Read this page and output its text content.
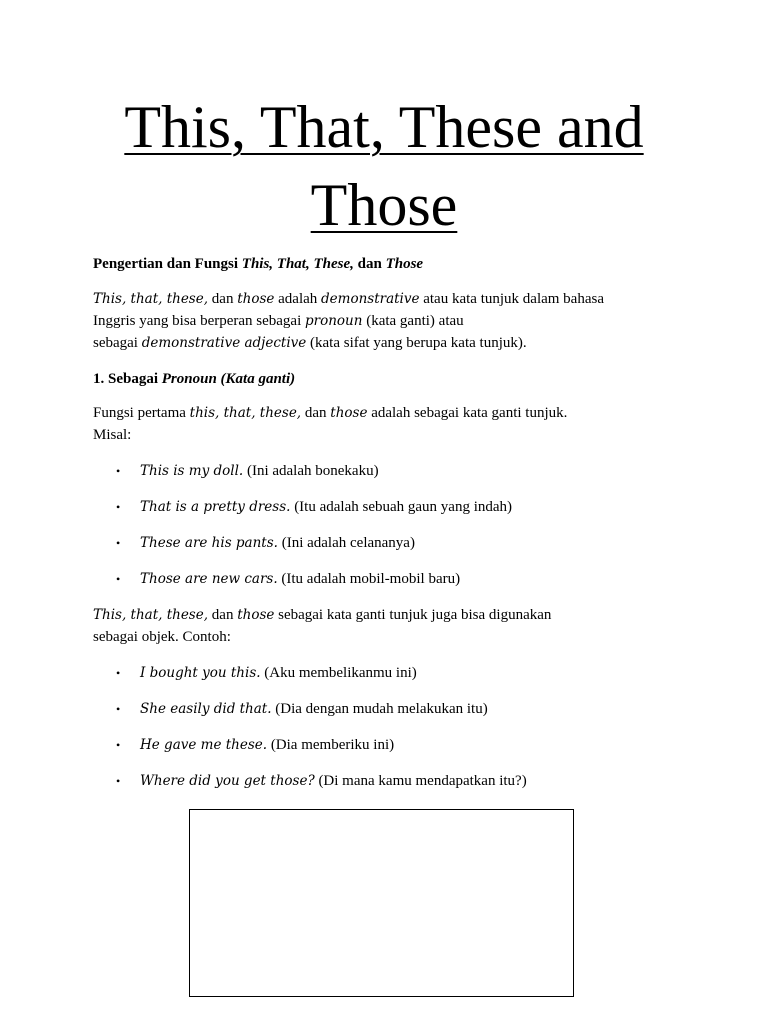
This, That, These and
Those

Pengertian dan Fungsi This, That, These, dan Those

This, that, these, dan those adalah demonstrative atau kata tunjuk dalam bahasa
Inggris yang bisa berperan sebagai pronoun (kata ganti) atau
sebagai demonstrative adjective (kata sifat yang berupa kata tunjuk).

1. Sebagai Pronoun (Kata ganti)

Fungsi pertama this, that, these, dan those adalah sebagai kata ganti tunjuk.
Misal:
• This is my doll. (Ini adalah bonekaku)
• That is a pretty dress. (Itu adalah sebuah gaun yang indah)
• These are his pants. (Ini adalah celananya)
• Those are new cars. (Itu adalah mobil-mobil baru)
This, that, these, dan those sebagai kata ganti tunjuk juga bisa digunakan
sebagai objek. Contoh:
• I bought you this. (Aku membelikanmu ini)
• She easily did that. (Dia dengan mudah melakukan itu)
• He gave me these. (Dia memberiku ini)
• Where did you get those? (Di mana kamu mendapatkan itu?)
